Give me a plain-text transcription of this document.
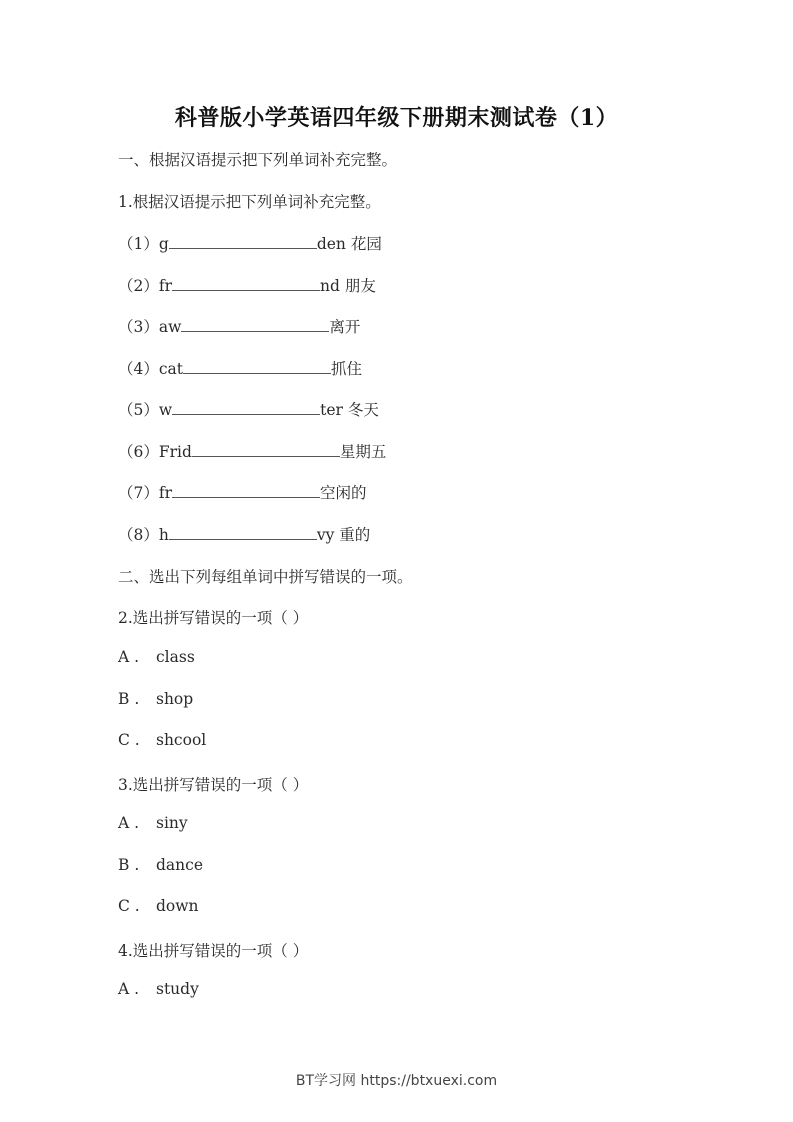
科普版小学英语四年级下册期末测试卷（1）
一、根据汉语提示把下列单词补充完整。
1.根据汉语提示把下列单词补充完整。
（1）g	den 花园
（2）fr	nd 朋友
（3）aw	离开
（4）cat	抓住
（5）w	ter 冬天
（6）Frid	星期五
（7）fr	空闲的
（8）h	vy 重的
二、选出下列每组单词中拼写错误的一项。
2.选出拼写错误的一项（ ）
A . class
B . shop
C . shcool
3.选出拼写错误的一项（ ）
A . siny
B . dance
C . down
4.选出拼写错误的一项（ ）
A . study
BT学习网 https://btxuexi.com
